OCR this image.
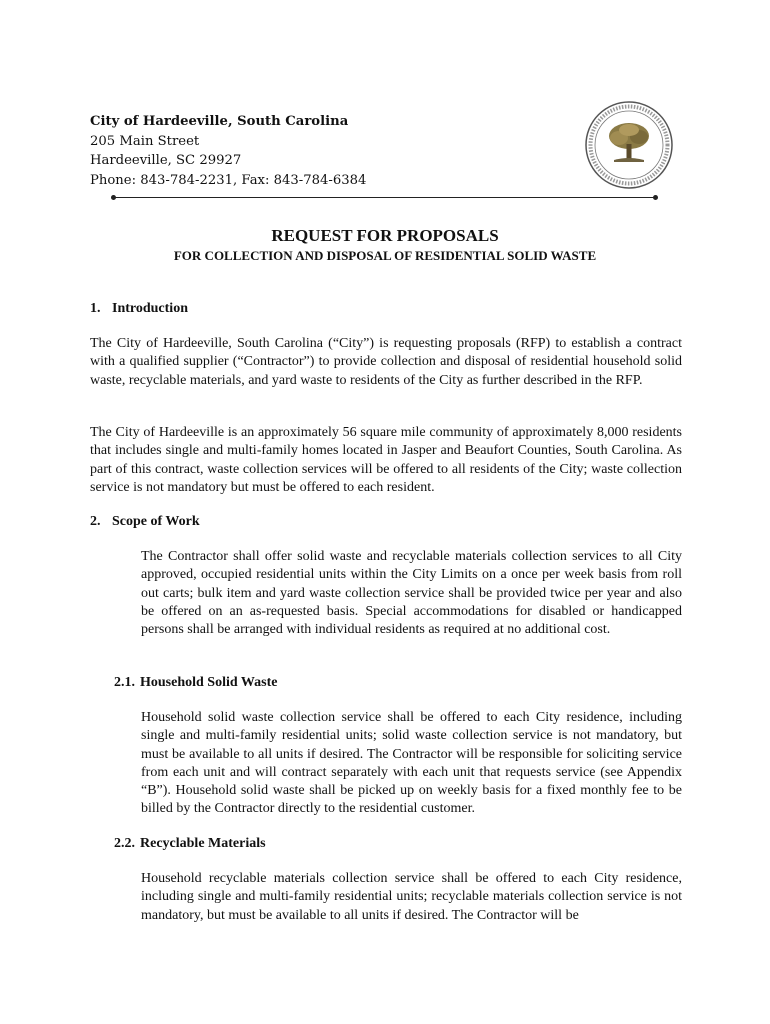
City of Hardeeville, South Carolina
205 Main Street
Hardeeville, SC 29927
Phone: 843-784-2231, Fax: 843-784-6384
REQUEST FOR PROPOSALS
FOR COLLECTION AND DISPOSAL OF RESIDENTIAL SOLID WASTE
1. Introduction
The City of Hardeeville, South Carolina (“City”) is requesting proposals (RFP) to establish a contract with a qualified supplier (“Contractor”) to provide collection and disposal of residential household solid waste, recyclable materials, and yard waste to residents of the City as further described in the RFP.
The City of Hardeeville is an approximately 56 square mile community of approximately 8,000 residents that includes single and multi-family homes located in Jasper and Beaufort Counties, South Carolina. As part of this contract, waste collection services will be offered to all residents of the City; waste collection service is not mandatory but must be offered to each resident.
2. Scope of Work
The Contractor shall offer solid waste and recyclable materials collection services to all City approved, occupied residential units within the City Limits on a once per week basis from roll out carts; bulk item and yard waste collection service shall be provided twice per year and also be offered on an as-requested basis. Special accommodations for disabled or handicapped persons shall be arranged with individual residents as required at no additional cost.
2.1. Household Solid Waste
Household solid waste collection service shall be offered to each City residence, including single and multi-family residential units; solid waste collection service is not mandatory, but must be available to all units if desired. The Contractor will be responsible for soliciting service from each unit and will contract separately with each unit that requests service (see Appendix “B”). Household solid waste shall be picked up on weekly basis for a fixed monthly fee to be billed by the Contractor directly to the residential customer.
2.2. Recyclable Materials
Household recyclable materials collection service shall be offered to each City residence, including single and multi-family residential units; recyclable materials collection service is not mandatory, but must be available to all units if desired. The Contractor will be
